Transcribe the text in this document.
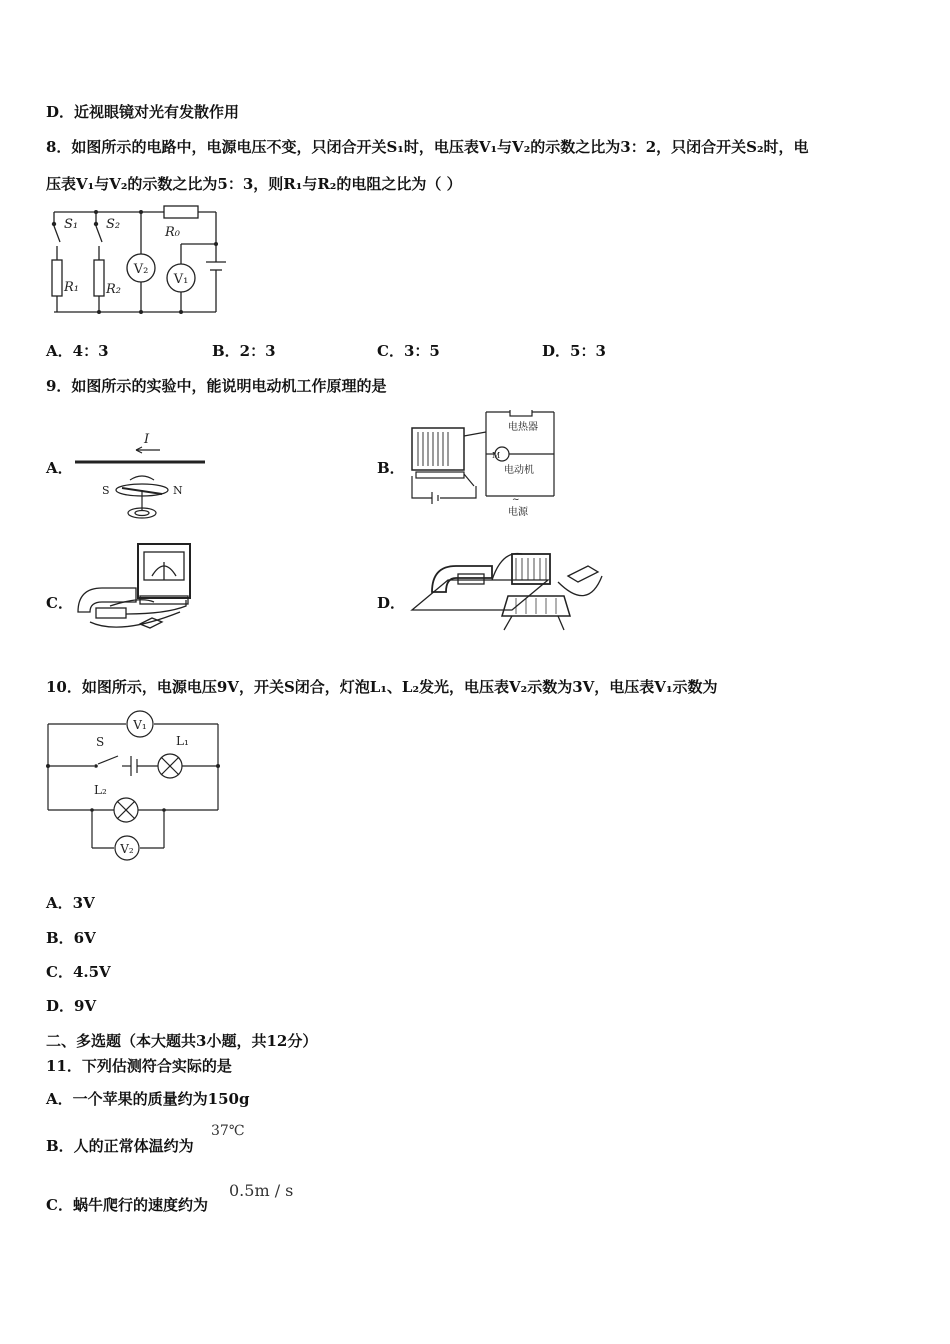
D．近视眼镜对光有发散作用
8．如图所示的电路中，电源电压不变，只闭合开关S₁时，电压表V₁与V₂的示数之比为3：2，只闭合开关S₂时，电
压表V₁与V₂的示数之比为5：3，则R₁与R₂的电阻之比为（ ）
S₁ S₂
R₀
R₁ R₂
V₂
V₁
A．4：3	B．2：3	C．3：5	D．5：3
9．如图所示的实验中，能说明电动机工作原理的是
A．
I
S	N
B．
M
电热器
电动机
电源
~
C．	D．
10．如图所示，电源电压9V，开关S闭合，灯泡L₁、L₂发光，电压表V₂示数为3V，电压表V₁示数为
S	L₁
L₂
V₁
V₂
A．3V
B．6V
C．4.5V
D．9V
二、多选题（本大题共3小题，共12分）
11．下列估测符合实际的是
A．一个苹果的质量约为150g
B．人的正常体温约为
37℃
C．蜗牛爬行的速度约为
0.5m / s
